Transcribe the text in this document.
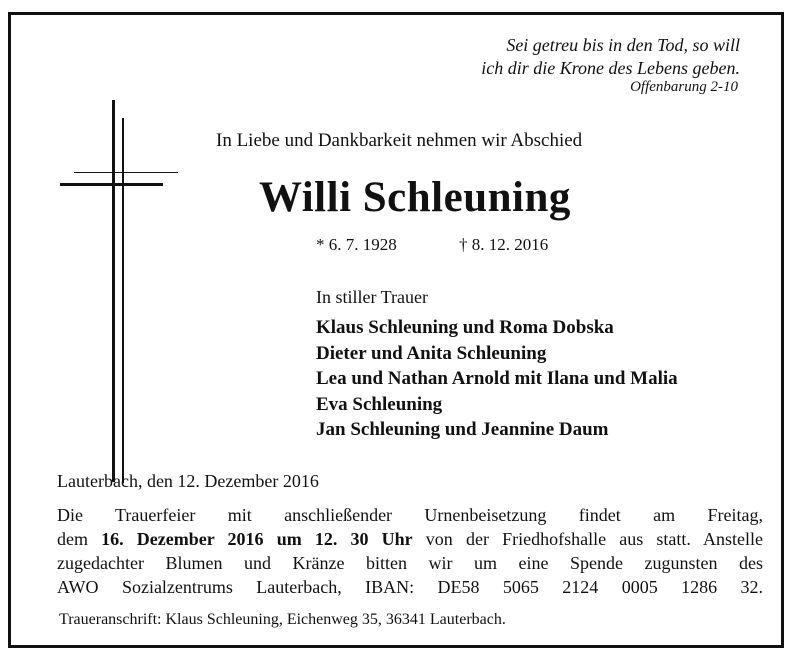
Sei getreu bis in den Tod, so will
ich dir die Krone des Lebens geben.
Offenbarung 2-10
In Liebe und Dankbarkeit nehmen wir Abschied
Willi Schleuning
* 6. 7. 1928	† 8. 12. 2016
In stiller Trauer
Klaus Schleuning und Roma Dobska
Dieter und Anita Schleuning
Lea und Nathan Arnold mit Ilana und Malia
Eva Schleuning
Jan Schleuning und Jeannine Daum
Lauterbach, den 12. Dezember 2016
Die Trauerfeier mit anschließender Urnenbeisetzung findet am Freitag,
dem 16. Dezember 2016 um 12. 30 Uhr von der Friedhofshalle aus statt. Anstelle
zugedachter Blumen und Kränze bitten wir um eine Spende zugunsten des
AWO Sozialzentrums Lauterbach, IBAN: DE58 5065 2124 0005 1286 32.
Traueranschrift: Klaus Schleuning, Eichenweg 35, 36341 Lauterbach.
